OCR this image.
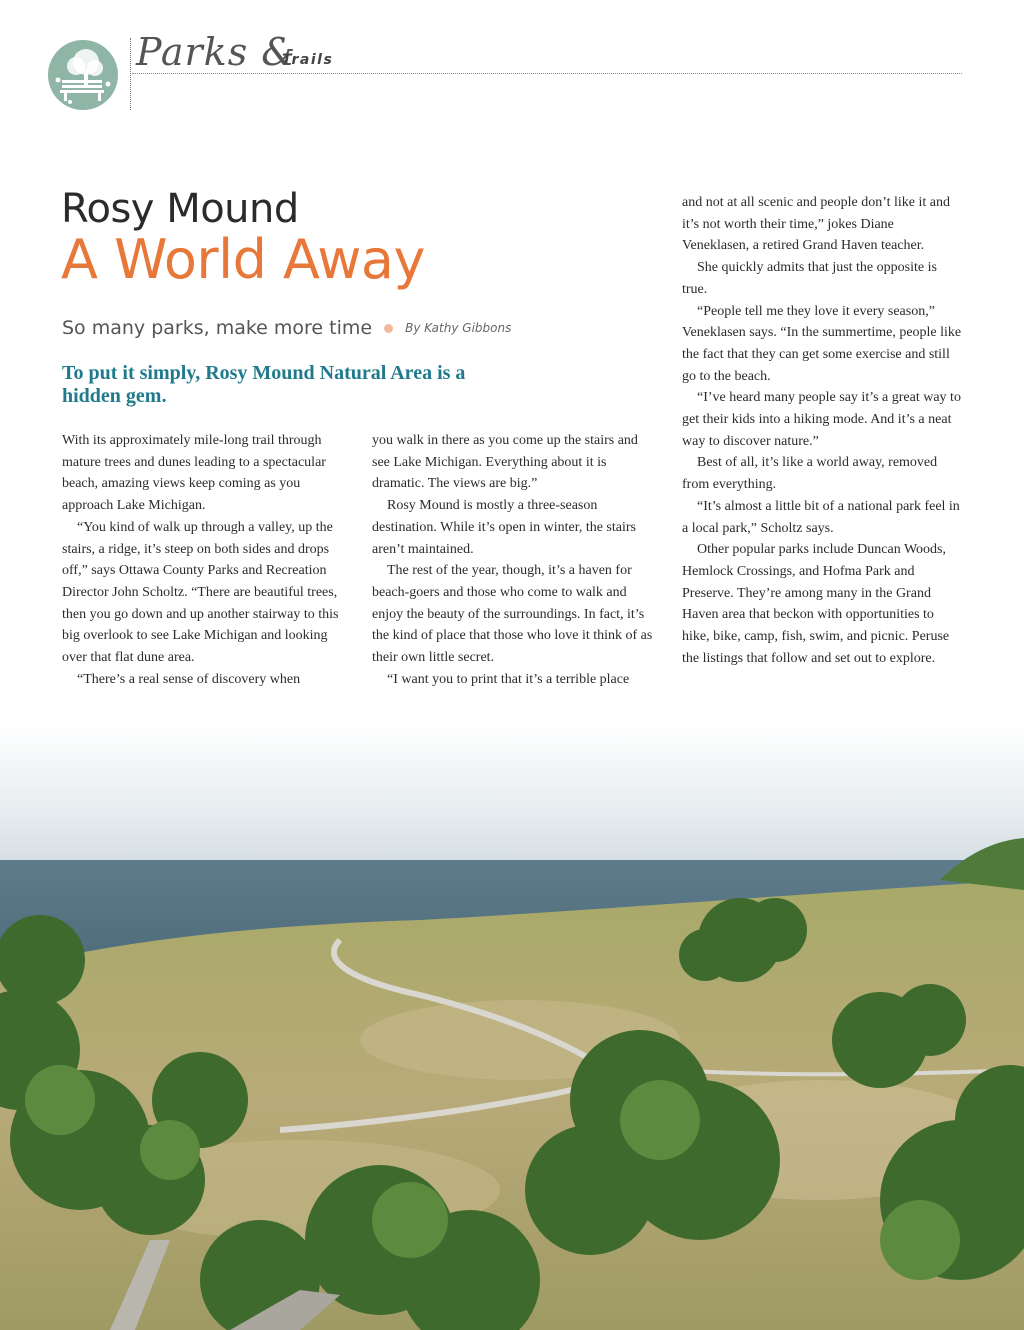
Parks &
Trails
Rosy Mound
A World Away
So many parks, make more time	By Kathy Gibbons
To put it simply, Rosy Mound Natural Area is a hidden gem.

With its approximately mile-long trail through mature trees and dunes leading to a spectacular beach, amazing views keep coming as you approach Lake Michigan.

“You kind of walk up through a valley, up the stairs, a ridge, it’s steep on both sides and drops off,” says Ottawa County Parks and Recreation Director John Scholtz. “There are beautiful trees, then you go down and up another stairway to this big overlook to see Lake Michigan and looking over that flat dune area.

“There’s a real sense of discovery when

you walk in there as you come up the stairs and see Lake Michigan. Everything about it is dramatic. The views are big.”

Rosy Mound is mostly a three-season destination. While it’s open in winter, the stairs aren’t maintained.

The rest of the year, though, it’s a haven for beach-goers and those who come to walk and enjoy the beauty of the surroundings. In fact, it’s the kind of place that those who love it think of as their own little secret.

“I want you to print that it’s a terrible place

and not at all scenic and people don’t like it and it’s not worth their time,” jokes Diane Veneklasen, a retired Grand Haven teacher.

She quickly admits that just the opposite is true.

“People tell me they love it every season,” Veneklasen says. “In the summertime, people like the fact that they can get some exercise and still go to the beach.

“I’ve heard many people say it’s a great way to get their kids into a hiking mode. And it’s a neat way to discover nature.”

Best of all, it’s like a world away, removed from everything.

“It’s almost a little bit of a national park feel in a local park,” Scholtz says.

Other popular parks include Duncan Woods, Hemlock Crossings, and Hofma Park and Preserve. They’re among many in the Grand Haven area that beckon with opportunities to hike, bike, camp, fish, swim, and picnic. Peruse the listings that follow and set out to explore.
